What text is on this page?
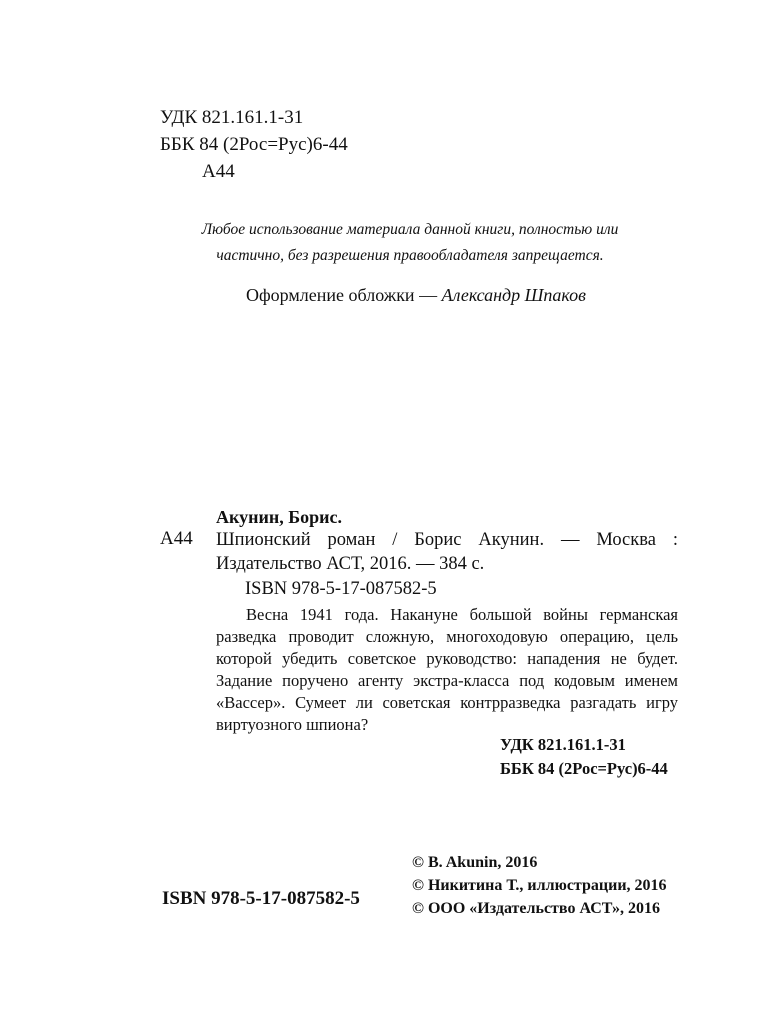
УДК 821.161.1-31
ББК 84 (2Рос=Рус)6-44
А44
Любое использование материала данной книги, полностью или
частично, без разрешения правообладателя запрещается.
Оформление обложки — Александр Шпаков
Акунин, Борис.
А44 Шпионский роман / Борис Акунин. — Москва :
Издательство АСТ, 2016. — 384 с.
ISBN 978-5-17-087582-5
Весна 1941 года. Накануне большой войны германская
разведка проводит сложную, многоходовую операцию, цель
которой убедить советское руководство: нападения не будет.
Задание поручено агенту экстра-класса под кодовым именем
«Вассер». Сумеет ли советская контрразведка разгадать игру
виртуозного шпиона?
УДК 821.161.1-31
ББК 84 (2Рос=Рус)6-44
© B. Akunin, 2016
© Никитина Т., иллюстрации, 2016
© ООО «Издательство АСТ», 2016
ISBN 978-5-17-087582-5
